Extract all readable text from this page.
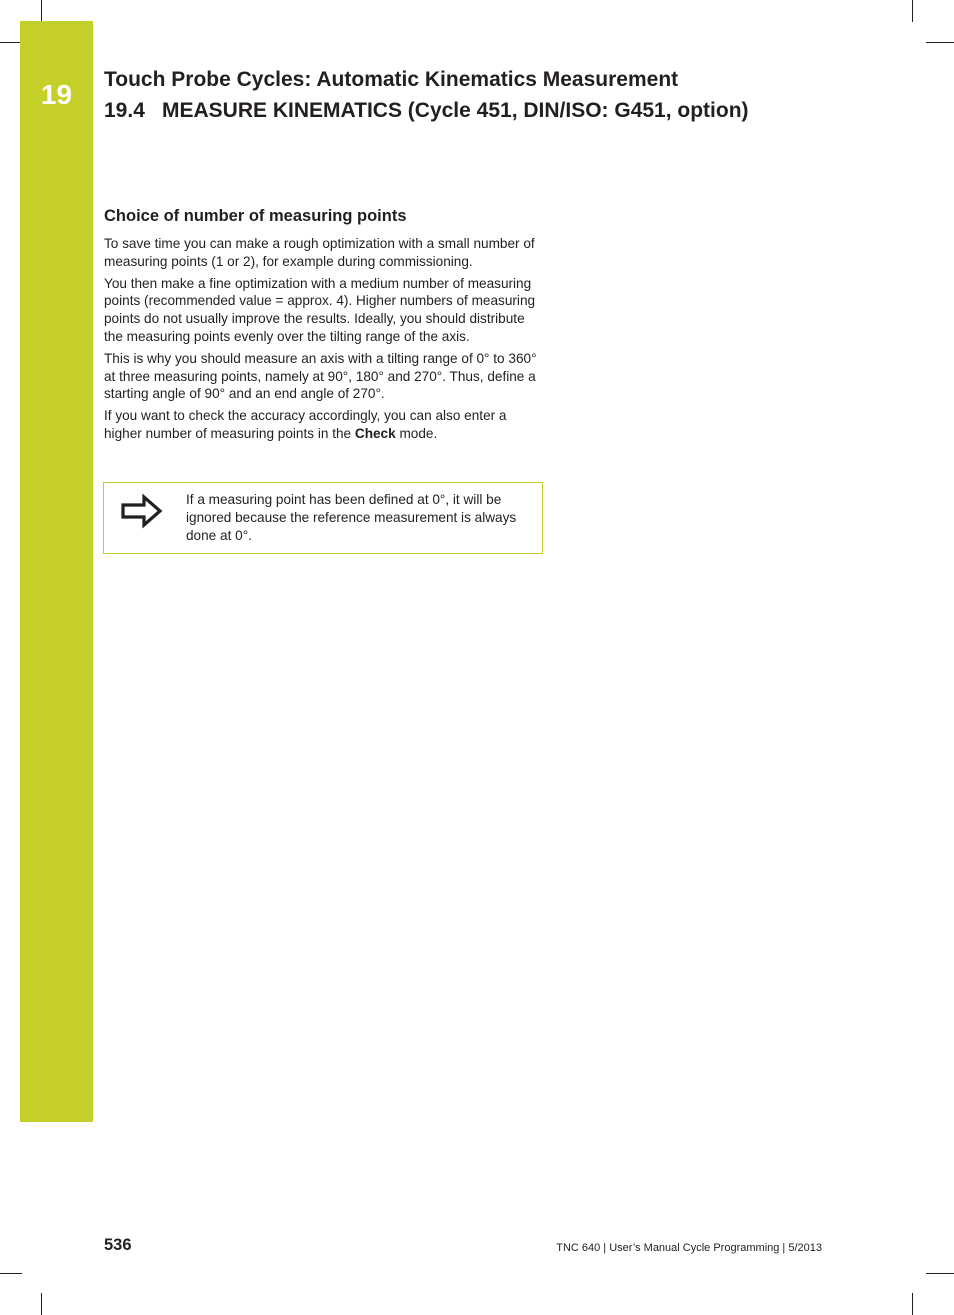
19	Touch Probe Cycles: Automatic Kinematics Measurement
19.4 MEASURE KINEMATICS (Cycle 451, DIN/ISO: G451, option)
Choice of number of measuring points

To save time you can make a rough optimization with a small number of measuring points (1 or 2), for example during commissioning.

You then make a fine optimization with a medium number of measuring points (recommended value = approx. 4). Higher numbers of measuring points do not usually improve the results. Ideally, you should distribute the measuring points evenly over the tilting range of the axis.

This is why you should measure an axis with a tilting range of 0° to 360° at three measuring points, namely at 90°, 180° and 270°. Thus, define a starting angle of 90° and an end angle of 270°.

If you want to check the accuracy accordingly, you can also enter a higher number of measuring points in the Check mode.

If a measuring point has been defined at 0°, it will be ignored because the reference measurement is always done at 0°.

536	TNC 640 | User’s Manual Cycle Programming | 5/2013
